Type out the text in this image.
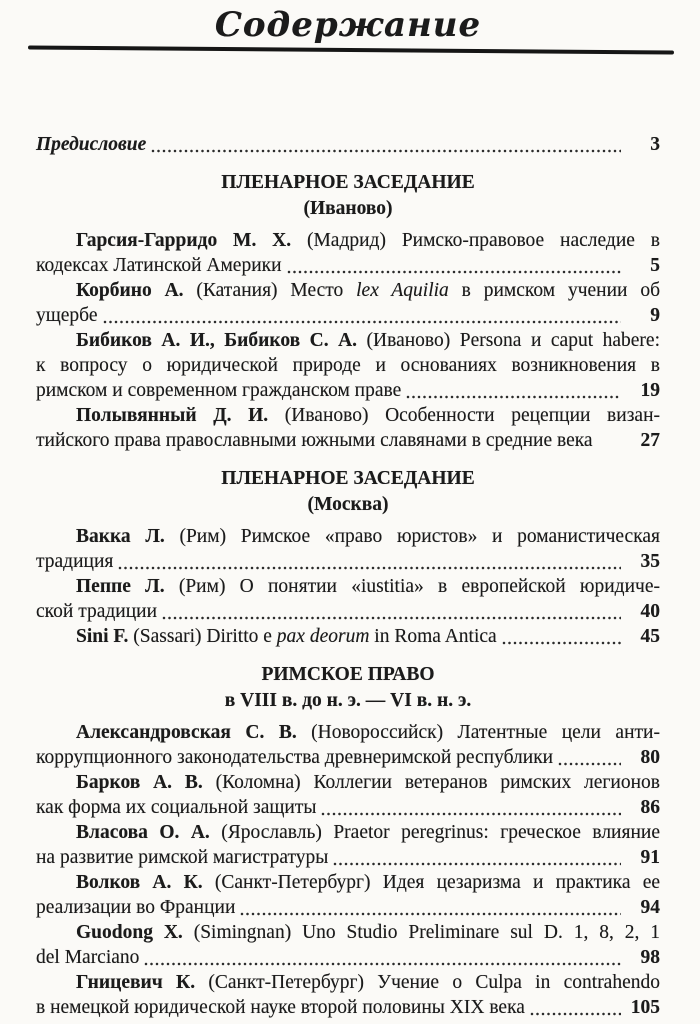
Содержание
Предисловие	3
ПЛЕНАРНОЕ ЗАСЕДАНИЕ
(Иваново)
Гарсия-Гарридо М. Х. (Мадрид) Римско-правовое наследие в
кодексах Латинской Америки	5
Корбино А. (Катания) Место lex Aquilia в римском учении об
ущербе	9
Бибиков А. И., Бибиков С. А. (Иваново) Persona и caput habere:
к вопросу о юридической природе и основаниях возникновения в
римском и современном гражданском праве	19
Полывянный Д. И. (Иваново) Особенности рецепции визан-
тийского права православными южными славянами в средние века	27
ПЛЕНАРНОЕ ЗАСЕДАНИЕ
(Москва)
Вакка Л. (Рим) Римское «право юристов» и романистическая
традиция	35
Пеппе Л. (Рим) О понятии «iustitia» в европейской юридиче-
ской традиции	40
Sini F. (Sassari) Diritto e pax deorum in Roma Antica	45
РИМСКОЕ ПРАВО
в VIII в. до н. э. — VI в. н. э.
Александровская С. В. (Новороссийск) Латентные цели анти-
коррупционного законодательства древнеримской республики	80
Барков А. В. (Коломна) Коллегии ветеранов римских легионов
как форма их социальной защиты	86
Власова О. А. (Ярославль) Praetor peregrinus: греческое влияние
на развитие римской магистратуры	91
Волков А. К. (Санкт-Петербург) Идея цезаризма и практика ее
реализации во Франции	94
Guodong X. (Simingnan) Uno Studio Preliminare sul D. 1, 8, 2, 1
del Marciano	98
Гницевич К. (Санкт-Петербург) Учение о Culpa in contrahendo
в немецкой юридической науке второй половины XIX века	105
